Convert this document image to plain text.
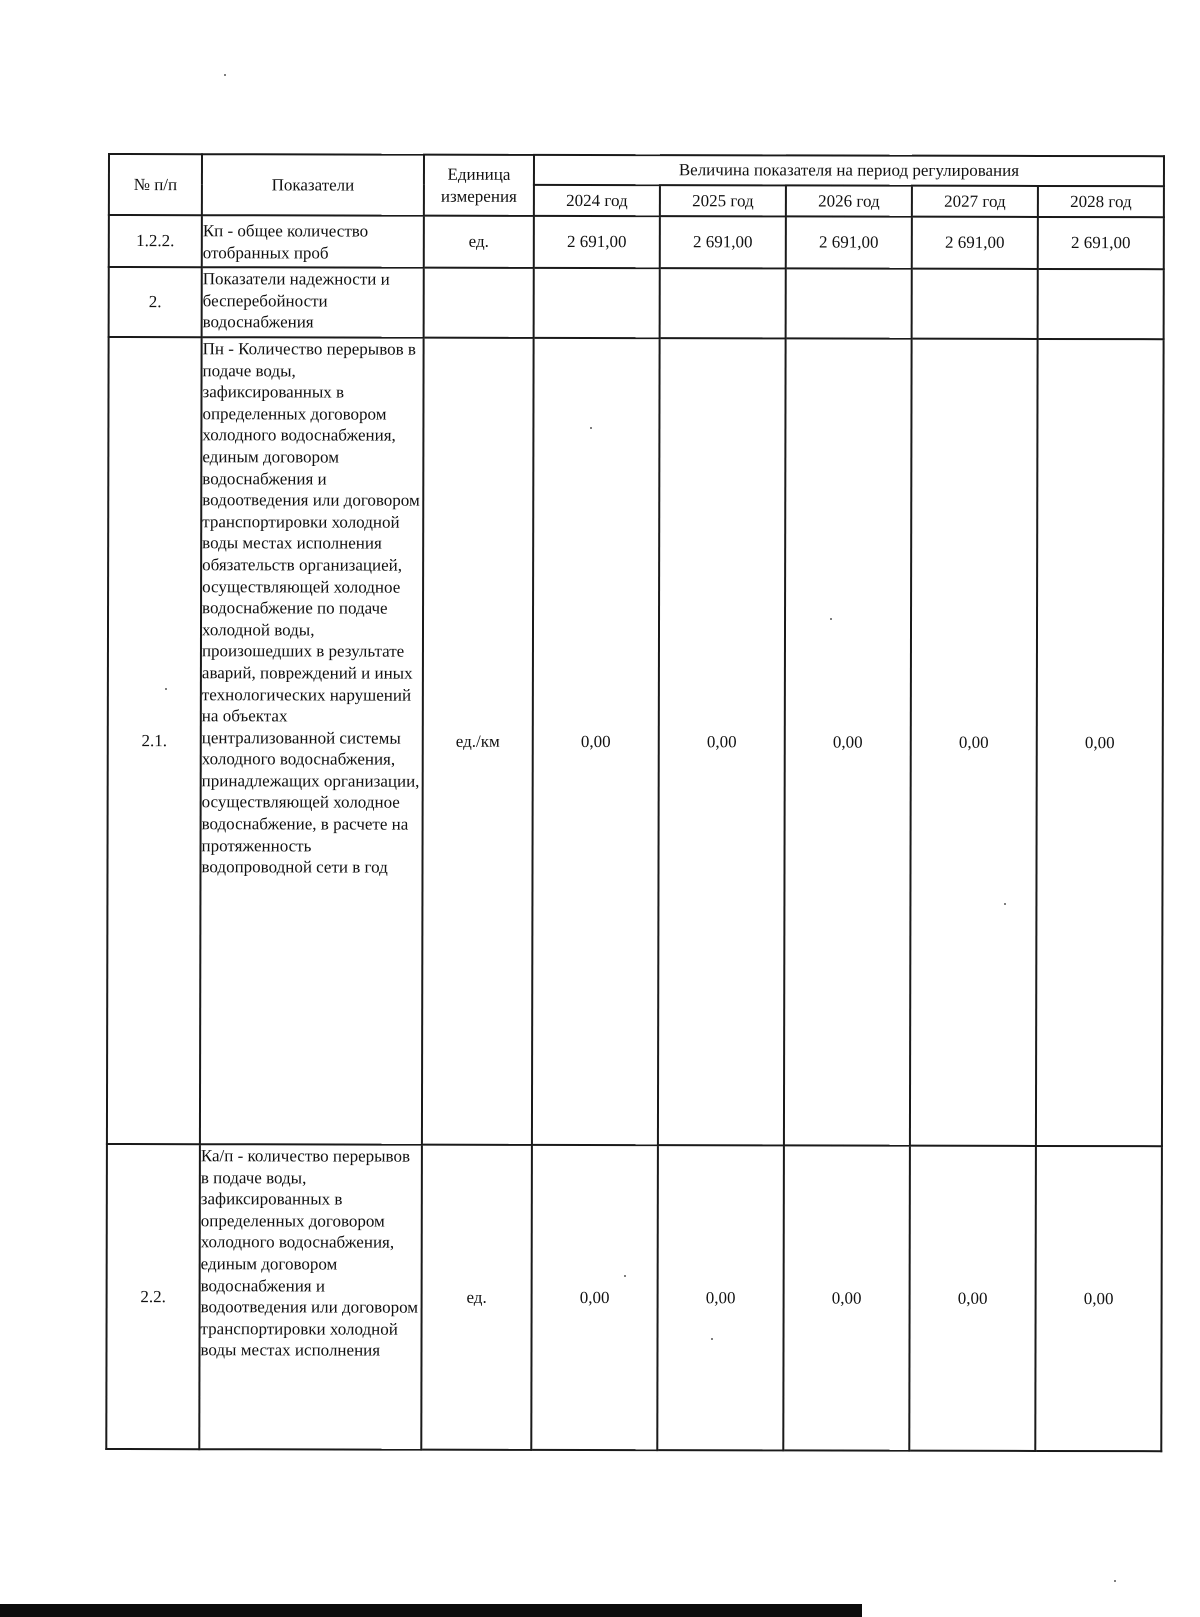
№ п/п	Показатели	Единица измерения	Величина показателя на период регулирования				
			2024 год	2025 год	2026 год	2027 год	2028 год
1.2.2.	Кп - общее количество отобранных проб	ед.	2 691,00	2 691,00	2 691,00	2 691,00	2 691,00
2.	Показатели надежности и бесперебойности водоснабжения						
2.1.	Пн - Количество перерывов в подаче воды, зафиксированных в определенных договором холодного водоснабжения, единым договором водоснабжения и водоотведения или договором транспортировки холодной воды местах исполнения обязательств организацией, осуществляющей холодное водоснабжение по подаче холодной воды, произошедших в результате аварий, повреждений и иных технологических нарушений на объектах централизованной системы холодного водоснабжения, принадлежащих организации, осуществляющей холодное водоснабжение, в расчете на протяженность водопроводной сети в год	ед./км	0,00	0,00	0,00	0,00	0,00
2.2.	Ка/п - количество перерывов в подаче воды, зафиксированных в определенных договором холодного водоснабжения, единым договором водоснабжения и водоотведения или договором транспортировки холодной воды местах исполнения	ед.	0,00	0,00	0,00	0,00	0,00
